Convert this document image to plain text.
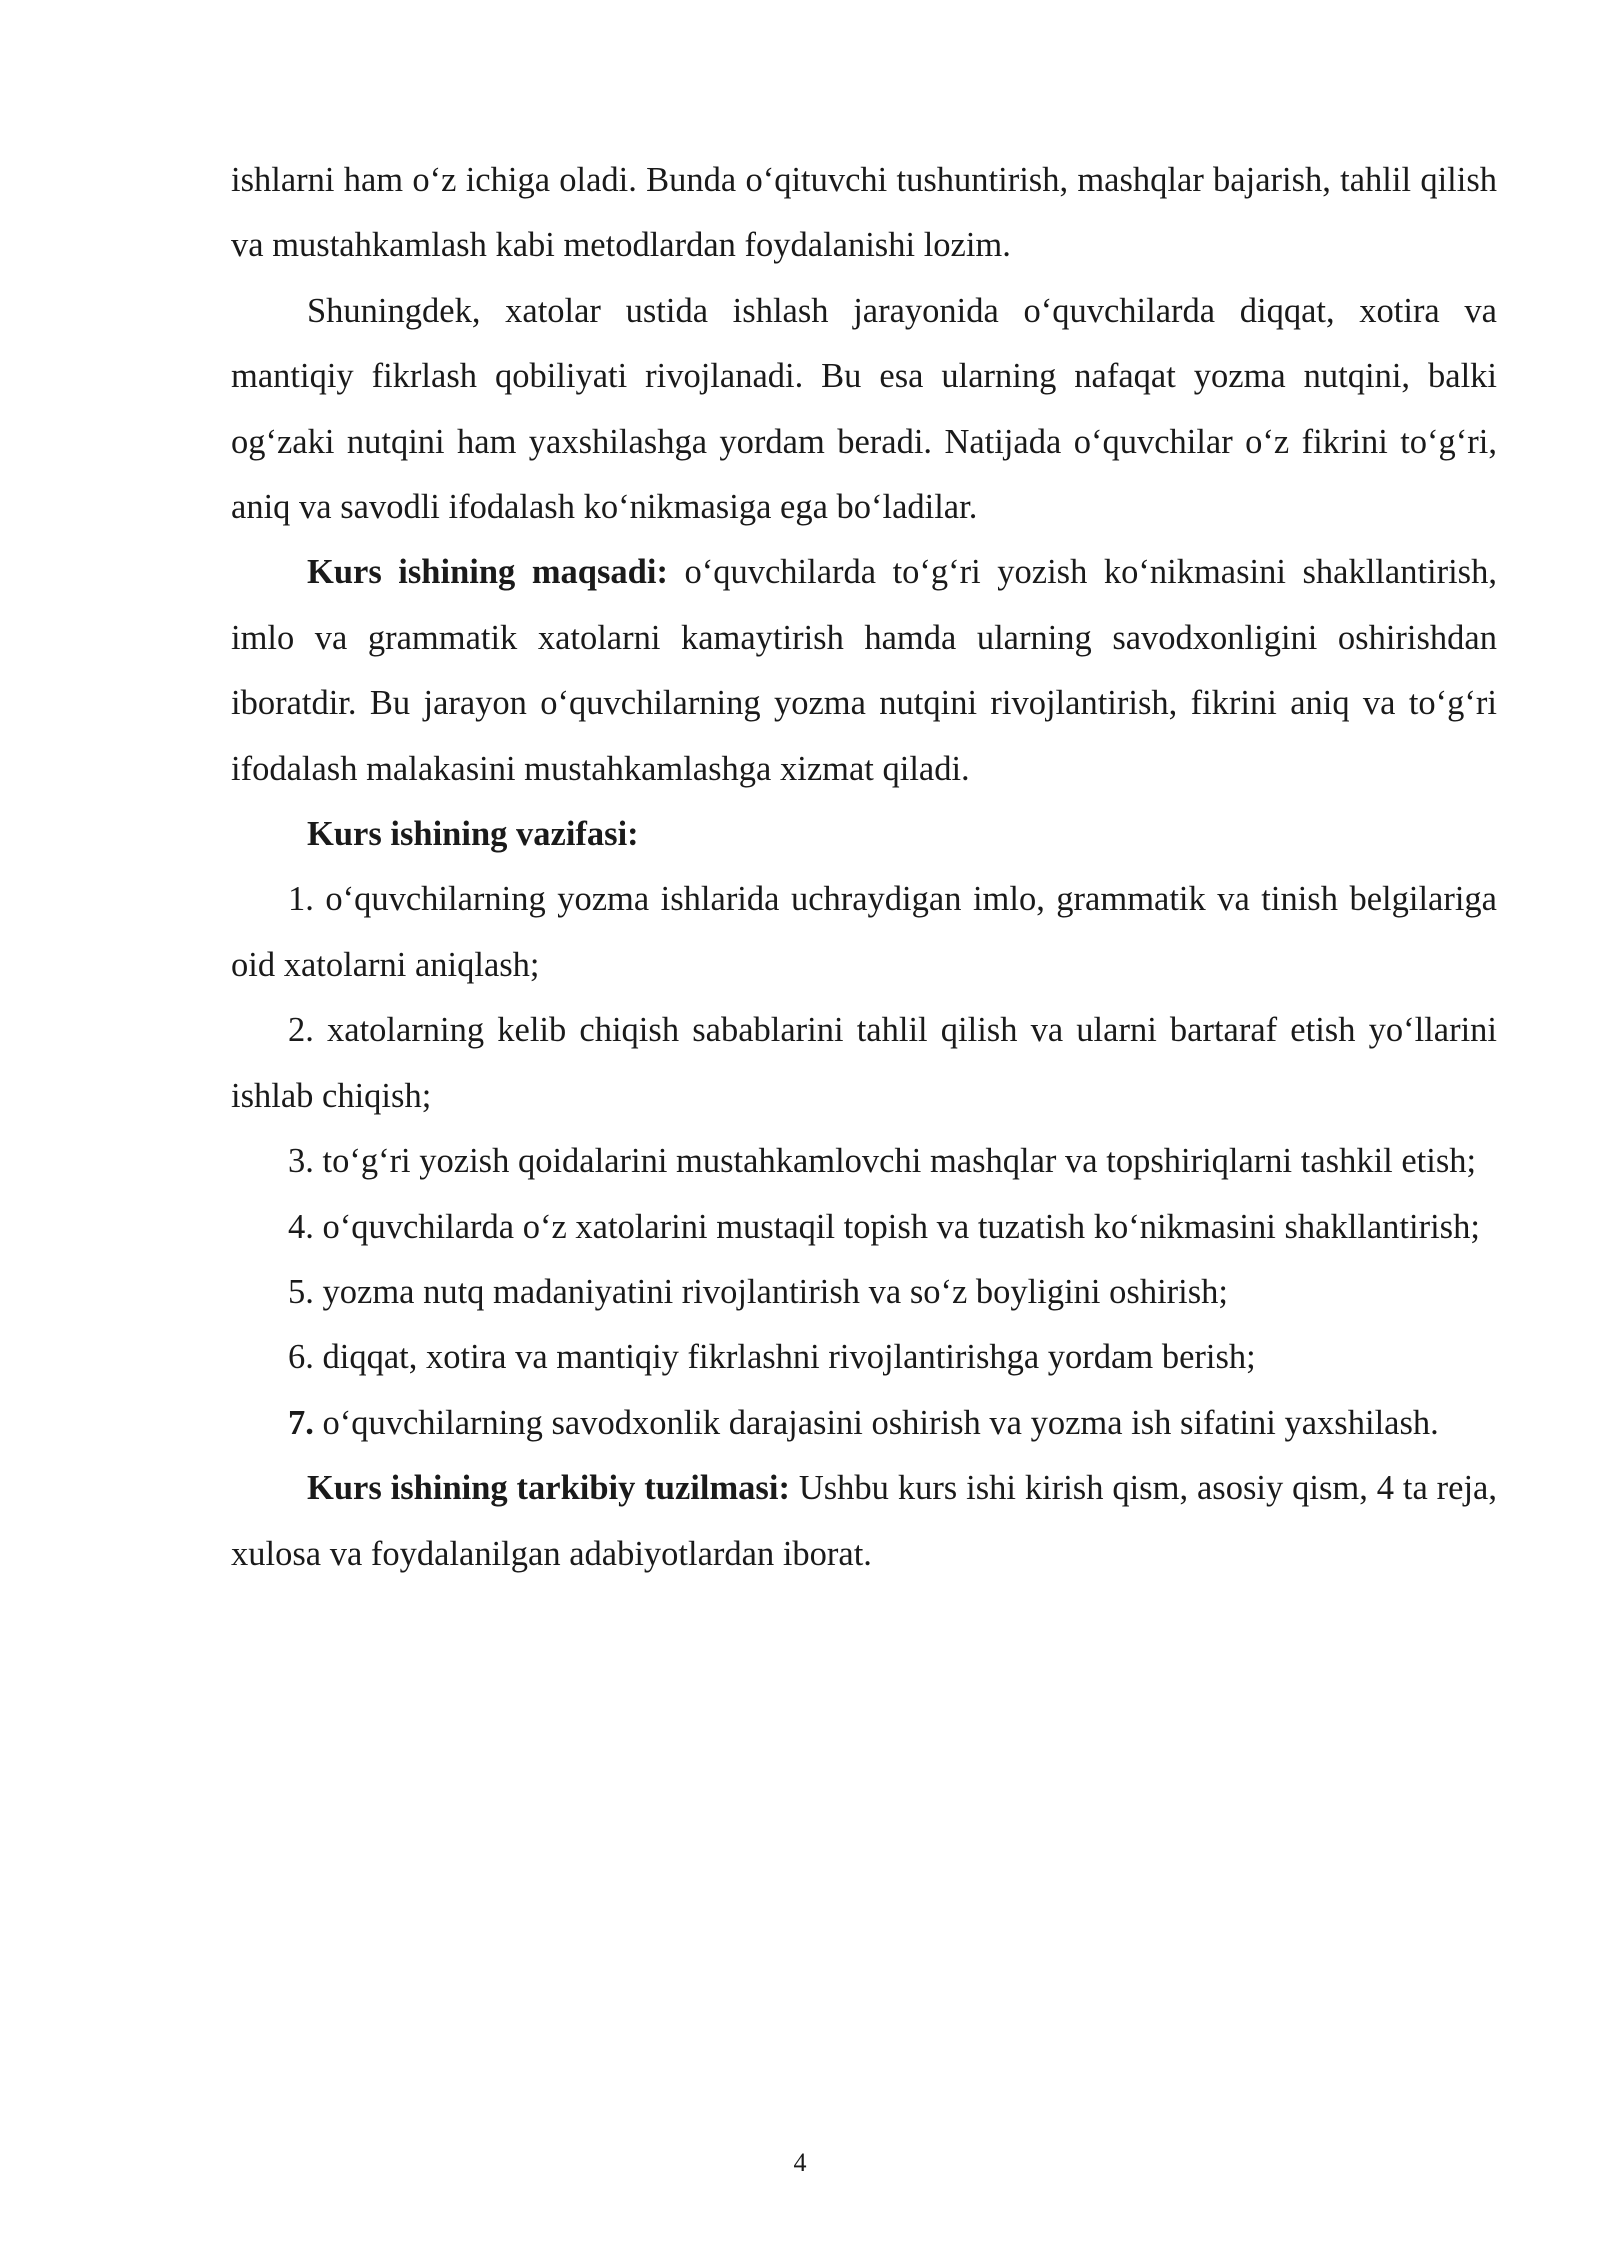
ishlarni ham o‘z ichiga oladi. Bunda o‘qituvchi tushuntirish, mashqlar bajarish, tahlil qilish va mustahkamlash kabi metodlardan foydalanishi lozim.

Shuningdek, xatolar ustida ishlash jarayonida o‘quvchilarda diqqat, xotira va mantiqiy fikrlash qobiliyati rivojlanadi. Bu esa ularning nafaqat yozma nutqini, balki og‘zaki nutqini ham yaxshilashga yordam beradi. Natijada o‘quvchilar o‘z fikrini to‘g‘ri, aniq va savodli ifodalash ko‘nikmasiga ega bo‘ladilar.

Kurs ishining maqsadi: o‘quvchilarda to‘g‘ri yozish ko‘nikmasini shakllantirish, imlo va grammatik xatolarni kamaytirish hamda ularning savodxonligini oshirishdan iboratdir. Bu jarayon o‘quvchilarning yozma nutqini rivojlantirish, fikrini aniq va to‘g‘ri ifodalash malakasini mustahkamlashga xizmat qiladi.

Kurs ishining vazifasi:

1. o‘quvchilarning yozma ishlarida uchraydigan imlo, grammatik va tinish belgilariga oid xatolarni aniqlash;

2. xatolarning kelib chiqish sabablarini tahlil qilish va ularni bartaraf etish yo‘llarini ishlab chiqish;

3. to‘g‘ri yozish qoidalarini mustahkamlovchi mashqlar va topshiriqlarni tashkil etish;

4. o‘quvchilarda o‘z xatolarini mustaqil topish va tuzatish ko‘nikmasini shakllantirish;

5. yozma nutq madaniyatini rivojlantirish va so‘z boyligini oshirish;

6. diqqat, xotira va mantiqiy fikrlashni rivojlantirishga yordam berish;

7. o‘quvchilarning savodxonlik darajasini oshirish va yozma ish sifatini yaxshilash.

Kurs ishining tarkibiy tuzilmasi: Ushbu kurs ishi kirish qism, asosiy qism, 4 ta reja, xulosa va foydalanilgan adabiyotlardan iborat.

4
